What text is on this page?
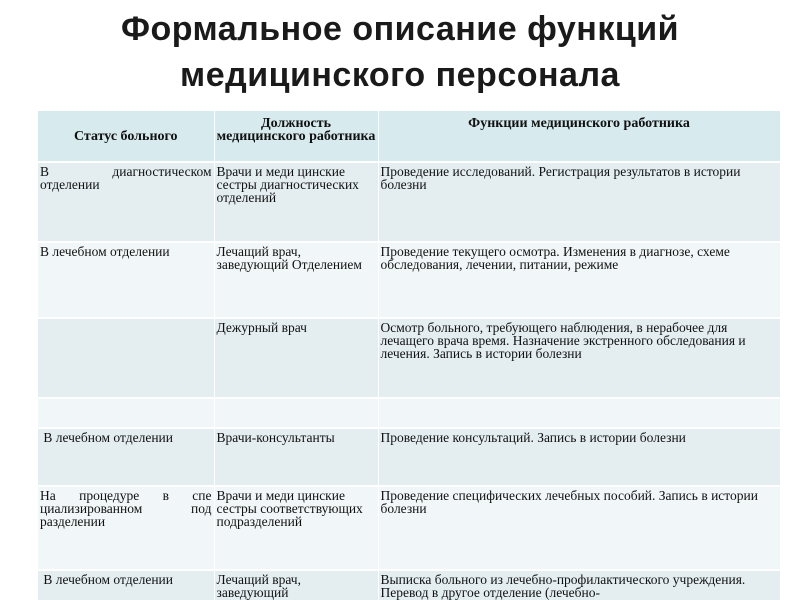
Формальное описание функций
медицинского персонала
Статус больного	Должность медицинского работника	Функции медицинского работника
В диагностическом отделении	Врачи и меди цинские сестры диагностических отделений	Проведение исследований. Регистрация результатов в истории болезни
В лечебном отделении	Лечащий врач, заведующий Отделением	Проведение текущего осмотра. Изменения в диагнозе, схеме обследования, лечении, питании, режиме
	Дежурный врач	Осмотр больного, требующего наблюдения, в нерабочее для лечащего врача время. Назначение экстренного обследования и лечения. Запись в истории болезни

В лечебном отделении	Врачи-консультанты	Проведение консультаций. Запись в истории болезни
На процедуре в спе циализированном под разделении	Врачи и меди цинские сестры соответствующих подразделений	Проведение специфических лечебных пособий. Запись в истории болезни
В лечебном отделении	Лечащий врач, заведующий	Выписка больного из лечебно-профилактического учреждения. Перевод в другое отделение (лечебно-
